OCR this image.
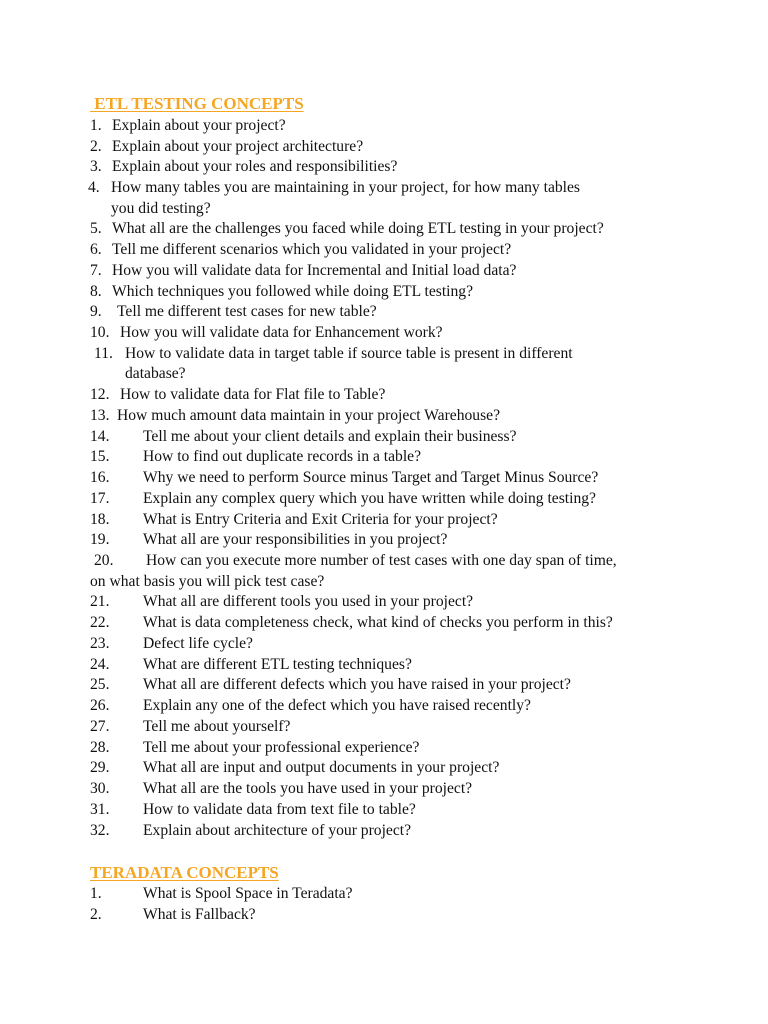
ETL TESTING CONCEPTS
1. Explain about your project?
2. Explain about your project architecture?
3. Explain about your roles and responsibilities?
4. How many tables you are maintaining in your project, for how many tables
you did testing?
5. What all are the challenges you faced while doing ETL testing in your project?
6. Tell me different scenarios which you validated in your project?
7. How you will validate data for Incremental and Initial load data?
8. Which techniques you followed while doing ETL testing?
9. Tell me different test cases for new table?
10. How you will validate data for Enhancement work?
11. How to validate data in target table if source table is present in different
database?
12. How to validate data for Flat file to Table?
13. How much amount data maintain in your project Warehouse?
14. Tell me about your client details and explain their business?
15. How to find out duplicate records in a table?
16. Why we need to perform Source minus Target and Target Minus Source?
17. Explain any complex query which you have written while doing testing?
18. What is Entry Criteria and Exit Criteria for your project?
19. What all are your responsibilities in you project?
20. How can you execute more number of test cases with one day span of time,
on what basis you will pick test case?
21. What all are different tools you used in your project?
22. What is data completeness check, what kind of checks you perform in this?
23. Defect life cycle?
24. What are different ETL testing techniques?
25. What all are different defects which you have raised in your project?
26. Explain any one of the defect which you have raised recently?
27. Tell me about yourself?
28. Tell me about your professional experience?
29. What all are input and output documents in your project?
30. What all are the tools you have used in your project?
31. How to validate data from text file to table?
32. Explain about architecture of your project?
TERADATA CONCEPTS
1.	What is Spool Space in Teradata?
2.	What is Fallback?
